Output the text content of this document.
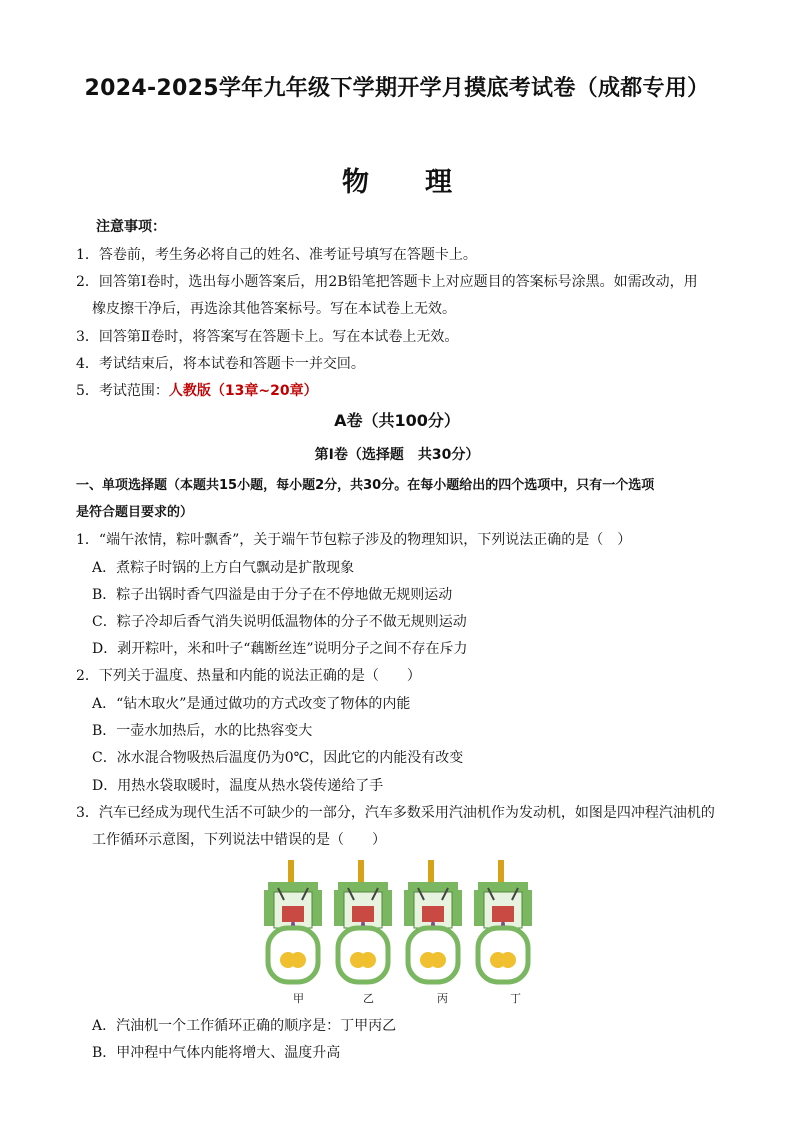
2024-2025学年九年级下学期开学月摸底考试卷（成都专用）
物 理
注意事项：
1．答卷前，考生务必将自己的姓名、准考证号填写在答题卡上。
2．回答第Ⅰ卷时，选出每小题答案后，用2B铅笔把答题卡上对应题目的答案标号涂黑。如需改动，用
橡皮擦干净后，再选涂其他答案标号。写在本试卷上无效。
3．回答第Ⅱ卷时，将答案写在答题卡上。写在本试卷上无效。
4．考试结束后，将本试卷和答题卡一并交回。
5．考试范围：人教版（13章~20章）
A卷（共100分）
第Ⅰ卷（选择题　共30分）
一、单项选择题（本题共15小题，每小题2分，共30分。在每小题给出的四个选项中，只有一个选项
是符合题目要求的）
1．“端午浓情，粽叶飘香”，关于端午节包粽子涉及的物理知识，下列说法正确的是（　）
A．煮粽子时锅的上方白气飘动是扩散现象
B．粽子出锅时香气四溢是由于分子在不停地做无规则运动
C．粽子冷却后香气消失说明低温物体的分子不做无规则运动
D．剥开粽叶，米和叶子“藕断丝连”说明分子之间不存在斥力
2．下列关于温度、热量和内能的说法正确的是（　　）
A．“钻木取火”是通过做功的方式改变了物体的内能
B．一壶水加热后，水的比热容变大
C．冰水混合物吸热后温度仍为0℃，因此它的内能没有改变
D．用热水袋取暖时，温度从热水袋传递给了手
3．汽车已经成为现代生活不可缺少的一部分，汽车多数采用汽油机作为发动机，如图是四冲程汽油机的
工作循环示意图，下列说法中错误的是（　　）
甲	乙	丙	丁
A．汽油机一个工作循环正确的顺序是：丁甲丙乙
B．甲冲程中气体内能将增大、温度升高
